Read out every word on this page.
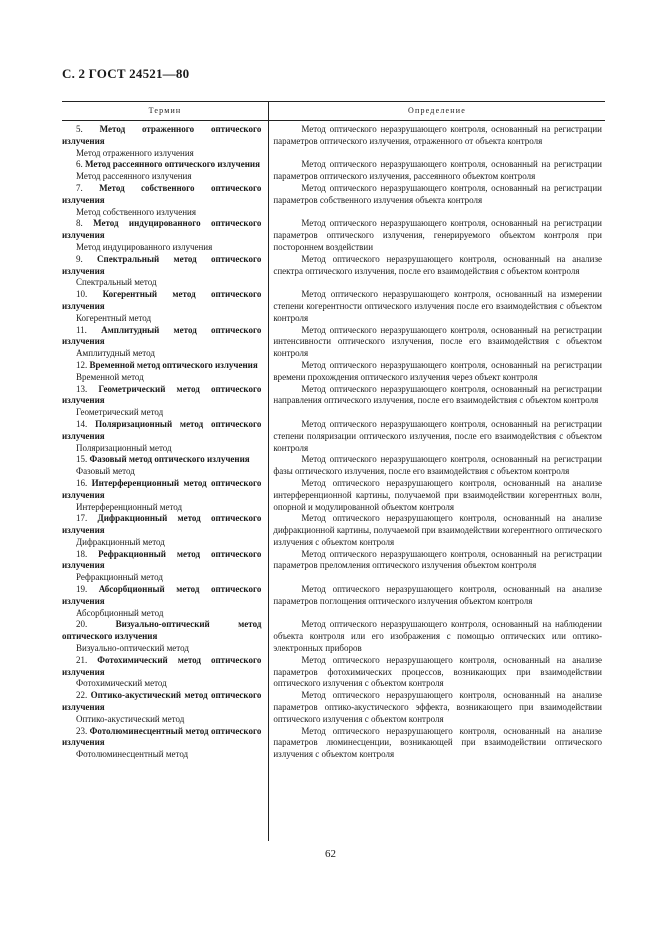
С. 2 ГОСТ 24521—80
Термин	Определение
5. Метод отраженного оптического излучения
Метод отраженного излучения
Метод оптического неразрушающего контроля, основанный на регистрации параметров оптического излучения, отраженного от объекта контроля
6. Метод рассеянного оптического излучения
Метод рассеянного излучения
Метод оптического неразрушающего контроля, основанный на регистрации параметров оптического излучения, рассеянного объектом контроля
7. Метод собственного оптического излучения
Метод собственного излучения
Метод оптического неразрушающего контроля, основанный на регистрации параметров собственного излучения объекта контроля
8. Метод индуцированного оптического излучения
Метод индуцированного излучения
Метод оптического неразрушающего контроля, основанный на регистрации параметров оптического излучения, генерируемого объектом контроля при постороннем воздействии
9. Спектральный метод оптического излучения
Спектральный метод
Метод оптического неразрушающего контроля, основанный на анализе спектра оптического излучения, после его взаимодействия с объектом контроля
10. Когерентный метод оптического излучения
Когерентный метод
Метод оптического неразрушающего контроля, основанный на измерении степени когерентности оптического излучения после его взаимодействия с объектом контроля
11. Амплитудный метод оптического излучения
Амплитудный метод
Метод оптического неразрушающего контроля, основанный на регистрации интенсивности оптического излучения, после его взаимодействия с объектом контроля
12. Временной метод оптического излучения
Временной метод
Метод оптического неразрушающего контроля, основанный на регистрации времени прохождения оптического излучения через объект контроля
13. Геометрический метод оптического излучения
Геометрический метод
Метод оптического неразрушающего контроля, основанный на регистрации направления оптического излучения, после его взаимодействия с объектом контроля
14. Поляризационный метод оптического излучения
Поляризационный метод
Метод оптического неразрушающего контроля, основанный на регистрации степени поляризации оптического излучения, после его взаимодействия с объектом контроля
15. Фазовый метод оптического излучения
Фазовый метод
Метод оптического неразрушающего контроля, основанный на регистрации фазы оптического излучения, после его взаимодействия с объектом контроля
16. Интерференционный метод оптического излучения
Интерференционный метод
Метод оптического неразрушающего контроля, основанный на анализе интерференционной картины, получаемой при взаимодействии когерентных волн, опорной и модулированной объектом контроля
17. Дифракционный метод оптического излучения
Дифракционный метод
Метод оптического неразрушающего контроля, основанный на анализе дифракционной картины, получаемой при взаимодействии когерентного оптического излучения с объектом контроля
18. Рефракционный метод оптического излучения
Рефракционный метод
Метод оптического неразрушающего контроля, основанный на регистрации параметров преломления оптического излучения объектом контроля
19. Абсорбционный метод оптического излучения
Абсорбционный метод
Метод оптического неразрушающего контроля, основанный на анализе параметров поглощения оптического излучения объектом контроля
20.	Визуально-оптический метод оптического излучения
Визуально-оптический метод
Метод оптического неразрушающего контроля, основанный на наблюдении объекта контроля или его изображения с помощью оптических или оптико-электронных приборов
21. Фотохимический метод оптического излучения
Фотохимический метод
Метод оптического неразрушающего контроля, основанный на анализе параметров фотохимических процессов, возникающих при взаимодействии оптического излучения с объектом контроля
22. Оптико-акустический метод оптического излучения
Оптико-акустический метод
Метод оптического неразрушающего контроля, основанный на анализе параметров оптико-акустического эффекта, возникающего при взаимодействии оптического излучения с объектом контроля
23. Фотолюминесцентный метод оптического излучения
Фотолюминесцентный метод
Метод оптического неразрушающего контроля, основанный на анализе параметров люминесценции, возникающей при взаимодействии оптического излучения с объектом контроля
62
